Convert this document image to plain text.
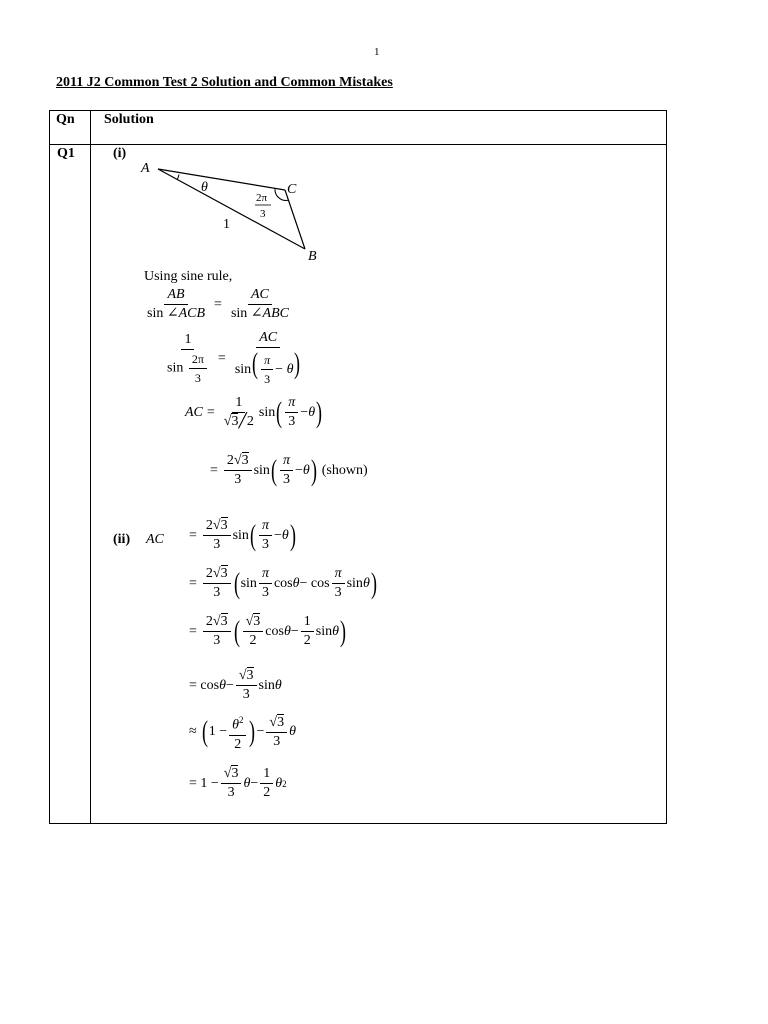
1
2011 J2 Common Test 2 Solution and Common Mistakes
Qn Solution
Q1	(i)
A
C
B
θ
2π
3
1
Using sine rule,
$\frac{AB}{\text{sin ∠ACB}} = \frac{AC}{\text{sin ∠ABC}}$
$\frac{1}{\sin \frac{2\pi}{3}} = \frac{AC}{\sin( \frac{\pi}{3} - \theta)}$
AC = $\frac{1}{√3╱2}$ sin ( $\frac{\pi}{3} - \theta$ )
= $\frac{2√3}{3}$ sin ( $\frac{\pi}{3} - \theta$ ) (shown)
(ii) AC = $\frac{2√3}{3}$ sin ( $\frac{\pi}{3} - \theta$ )
= $\frac{2√3}{3}$ ( $\sin \frac{\pi}{3}$ $\cos \theta - \cos \frac{\pi}{3}$ sin θ )
= $\frac{2√3}{3}$ ( $\frac{√3}{2}$ $\cos \theta - \frac{1}{2}$ sin θ )
= $\cos \theta - \frac{√3}{3}$ sin θ
≈ ( $1 - \frac{\theta^2}{2}$ ) − $\frac{√3}{3}$ θ
= $1 - \frac{√3}{3}$ $\theta - \frac{1}{2}$ θ 2
